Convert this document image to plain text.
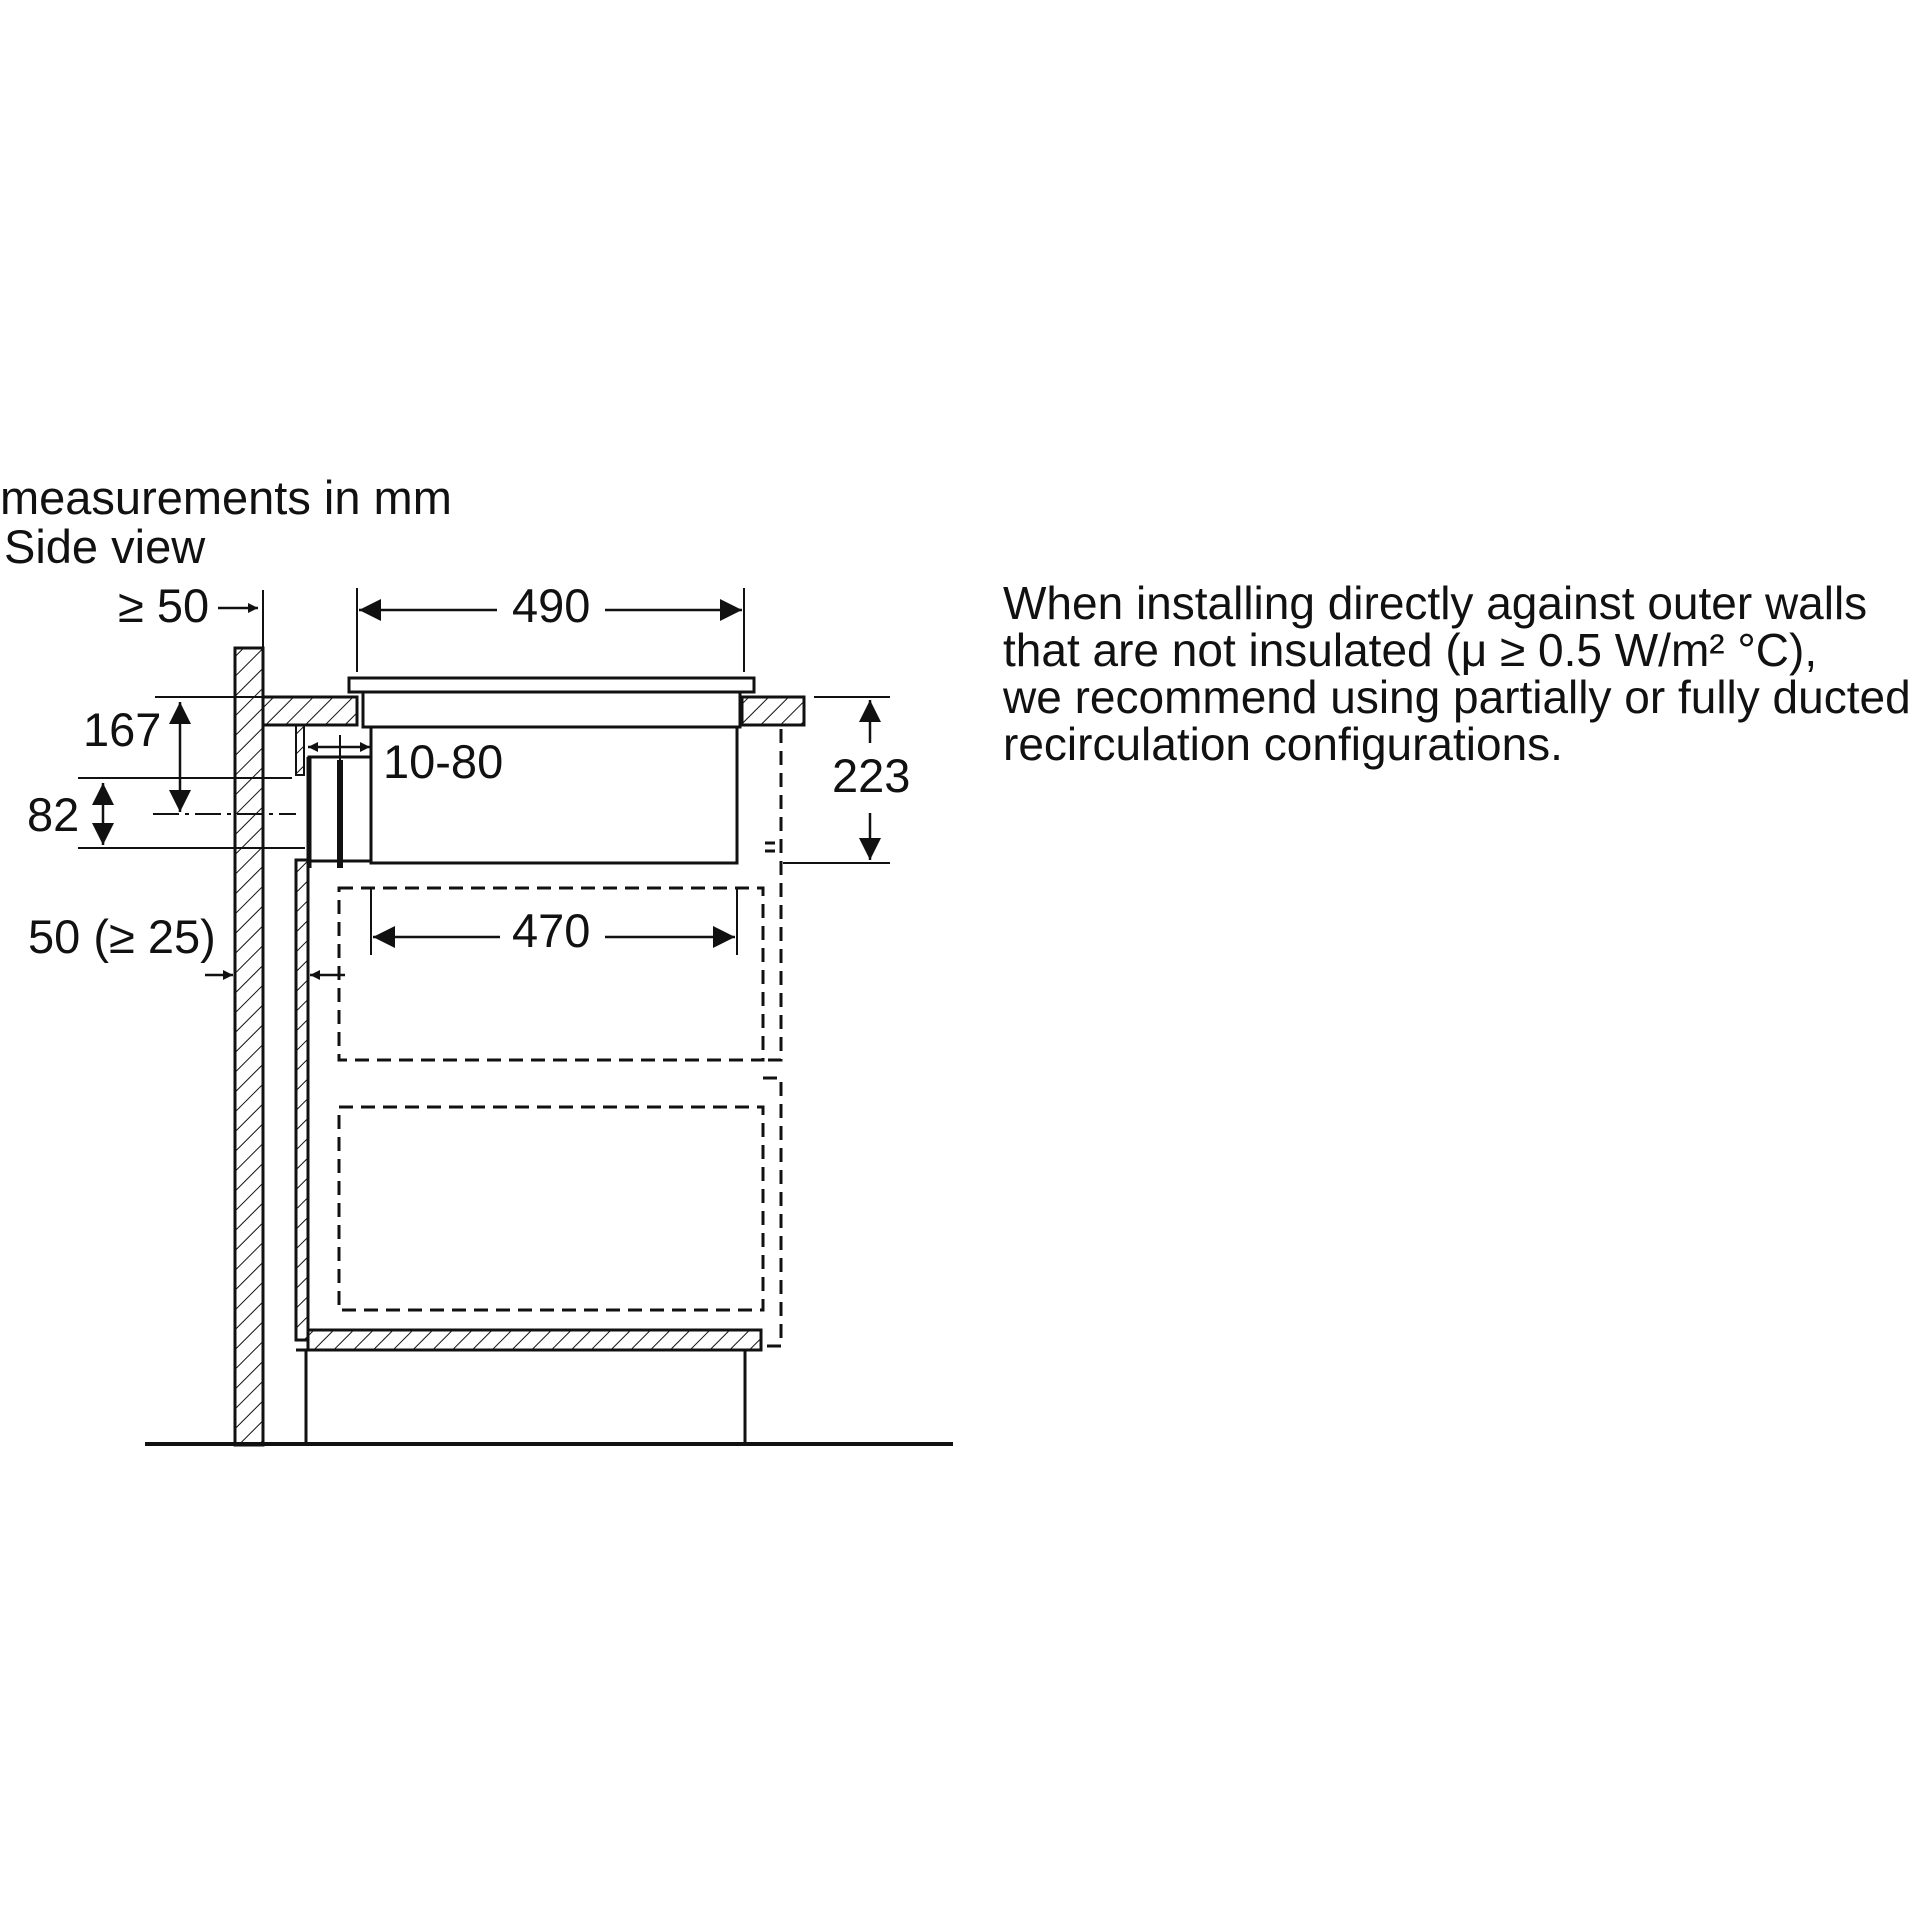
≥ 50	490
167
82
10-80	223
470
50 (≥ 25)
measurements in mm
Side view
When installing directly against outer walls
that are not insulated (μ ≥ 0.5 W/m² °C),
we recommend using partially or fully ducted
recirculation configurations.
